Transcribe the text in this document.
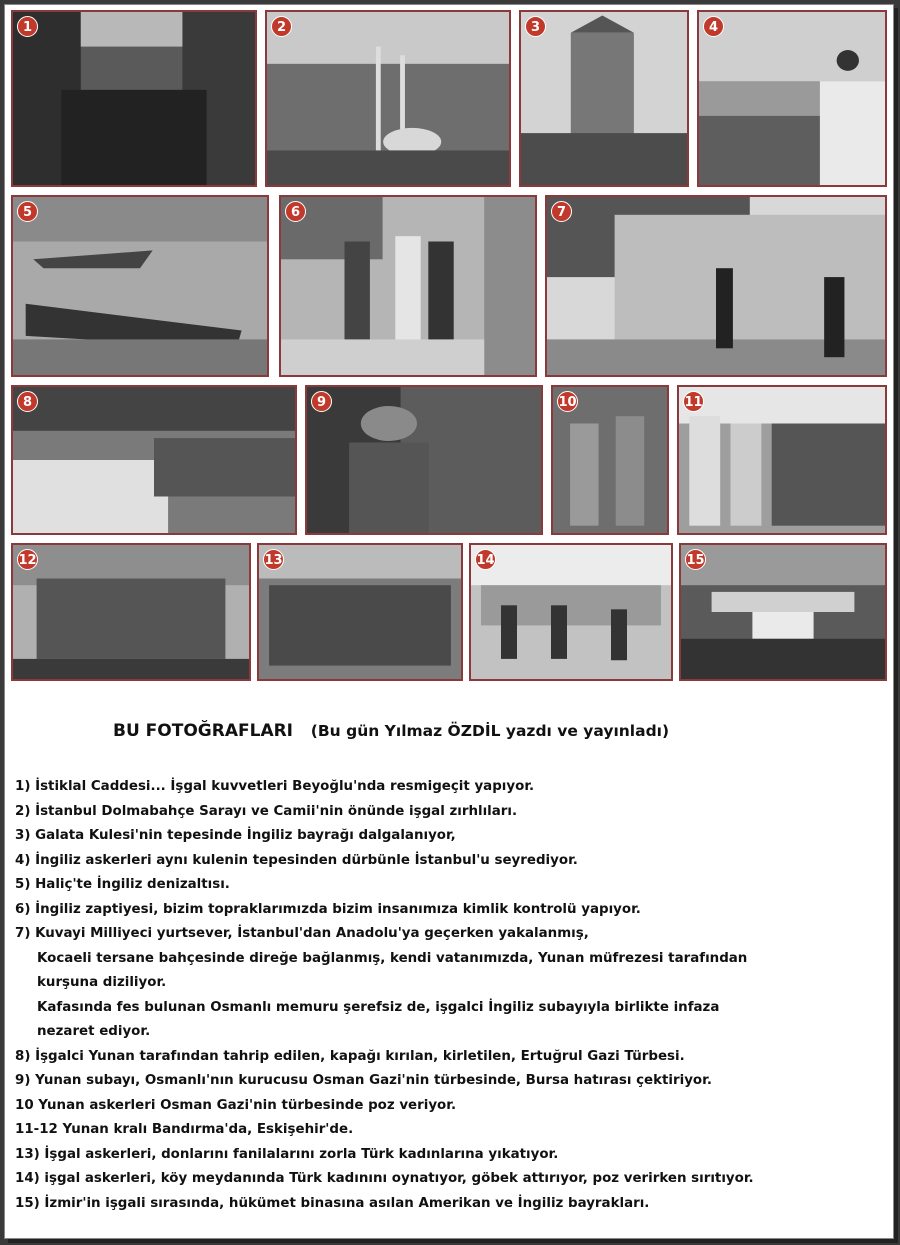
1	2	3	4
5	6	7
8	9	10	11
12	13	14	15
BU FOTOĞRAFLARI (Bu gün Yılmaz ÖZDİL yazdı ve yayınladı)
1) İstiklal Caddesi... İşgal kuvvetleri Beyoğlu'nda resmigeçit yapıyor.
2) İstanbul Dolmabahçe Sarayı ve Camii'nin önünde işgal zırhlıları.
3) Galata Kulesi'nin tepesinde İngiliz bayrağı dalgalanıyor,
4) İngiliz askerleri aynı kulenin tepesinden dürbünle İstanbul'u seyrediyor.
5) Haliç'te İngiliz denizaltısı.
6) İngiliz zaptiyesi, bizim topraklarımızda bizim insanımıza kimlik kontrolü yapıyor.
7) Kuvayi Milliyeci yurtsever, İstanbul'dan Anadolu'ya geçerken yakalanmış,
Kocaeli tersane bahçesinde direğe bağlanmış, kendi vatanımızda, Yunan müfrezesi tarafından
kurşuna diziliyor.
Kafasında fes bulunan Osmanlı memuru şerefsiz de, işgalci İngiliz subayıyla birlikte infaza
nezaret ediyor.
8) İşgalci Yunan tarafından tahrip edilen, kapağı kırılan, kirletilen, Ertuğrul Gazi Türbesi.
9) Yunan subayı, Osmanlı'nın kurucusu Osman Gazi'nin türbesinde, Bursa hatırası çektiriyor.
10 Yunan askerleri Osman Gazi'nin türbesinde poz veriyor.
11-12 Yunan kralı Bandırma'da, Eskişehir'de.
13) İşgal askerleri, donlarını fanilalarını zorla Türk kadınlarına yıkatıyor.
14) işgal askerleri, köy meydanında Türk kadınını oynatıyor, göbek attırıyor, poz verirken sırıtıyor.
15) İzmir'in işgali sırasında, hükümet binasına asılan Amerikan ve İngiliz bayrakları.
